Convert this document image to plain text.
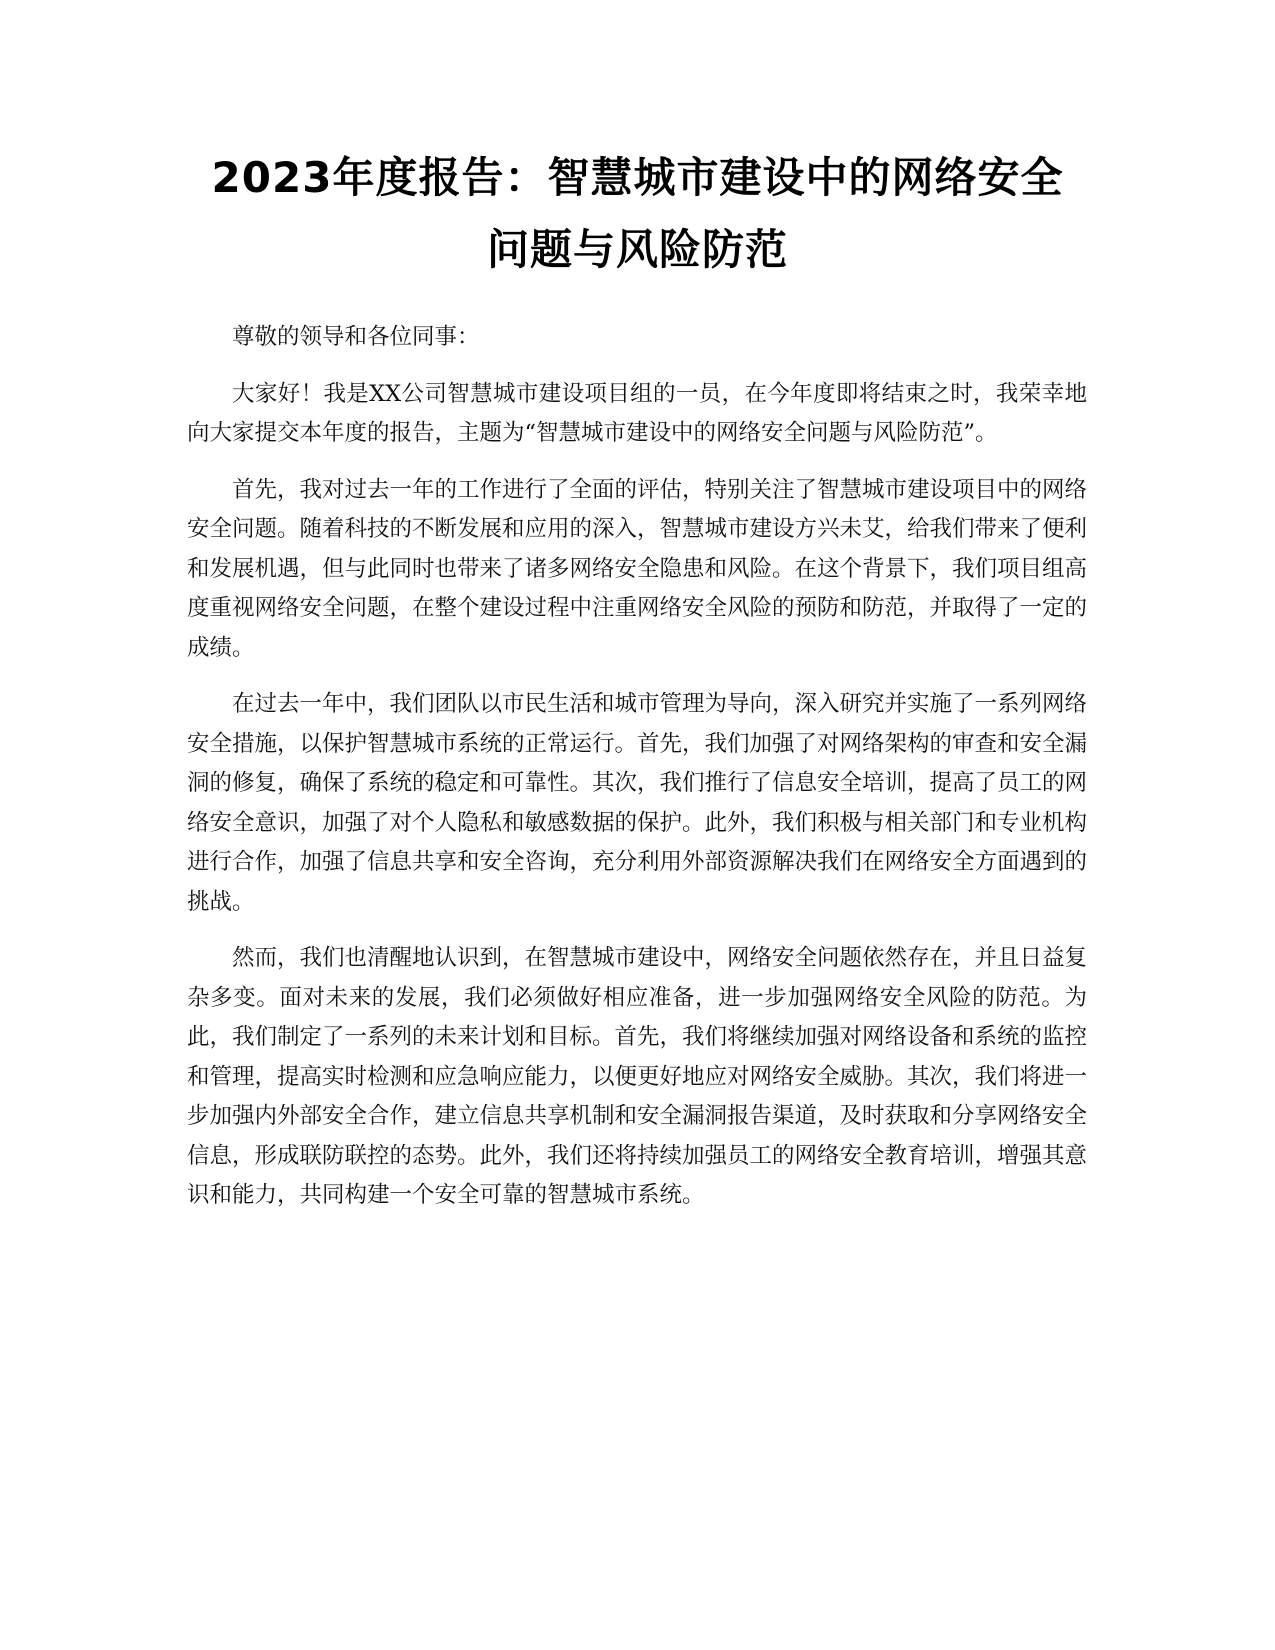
2023年度报告：智慧城市建设中的网络安全
问题与风险防范

尊敬的领导和各位同事：

大家好！我是XX公司智慧城市建设项目组的一员，在今年度即将结束之时，我荣幸地向大家提交本年度的报告，主题为“智慧城市建设中的网络安全问题与风险防范”。

首先，我对过去一年的工作进行了全面的评估，特别关注了智慧城市建设项目中的网络安全问题。随着科技的不断发展和应用的深入，智慧城市建设方兴未艾，给我们带来了便利和发展机遇，但与此同时也带来了诸多网络安全隐患和风险。在这个背景下，我们项目组高度重视网络安全问题，在整个建设过程中注重网络安全风险的预防和防范，并取得了一定的成绩。

在过去一年中，我们团队以市民生活和城市管理为导向，深入研究并实施了一系列网络安全措施，以保护智慧城市系统的正常运行。首先，我们加强了对网络架构的审查和安全漏洞的修复，确保了系统的稳定和可靠性。其次，我们推行了信息安全培训，提高了员工的网络安全意识，加强了对个人隐私和敏感数据的保护。此外，我们积极与相关部门和专业机构进行合作，加强了信息共享和安全咨询，充分利用外部资源解决我们在网络安全方面遇到的挑战。

然而，我们也清醒地认识到，在智慧城市建设中，网络安全问题依然存在，并且日益复杂多变。面对未来的发展，我们必须做好相应准备，进一步加强网络安全风险的防范。为此，我们制定了一系列的未来计划和目标。首先，我们将继续加强对网络设备和系统的监控和管理，提高实时检测和应急响应能力，以便更好地应对网络安全威胁。其次，我们将进一步加强内外部安全合作，建立信息共享机制和安全漏洞报告渠道，及时获取和分享网络安全信息，形成联防联控的态势。此外，我们还将持续加强员工的网络安全教育培训，增强其意识和能力，共同构建一个安全可靠的智慧城市系统。
